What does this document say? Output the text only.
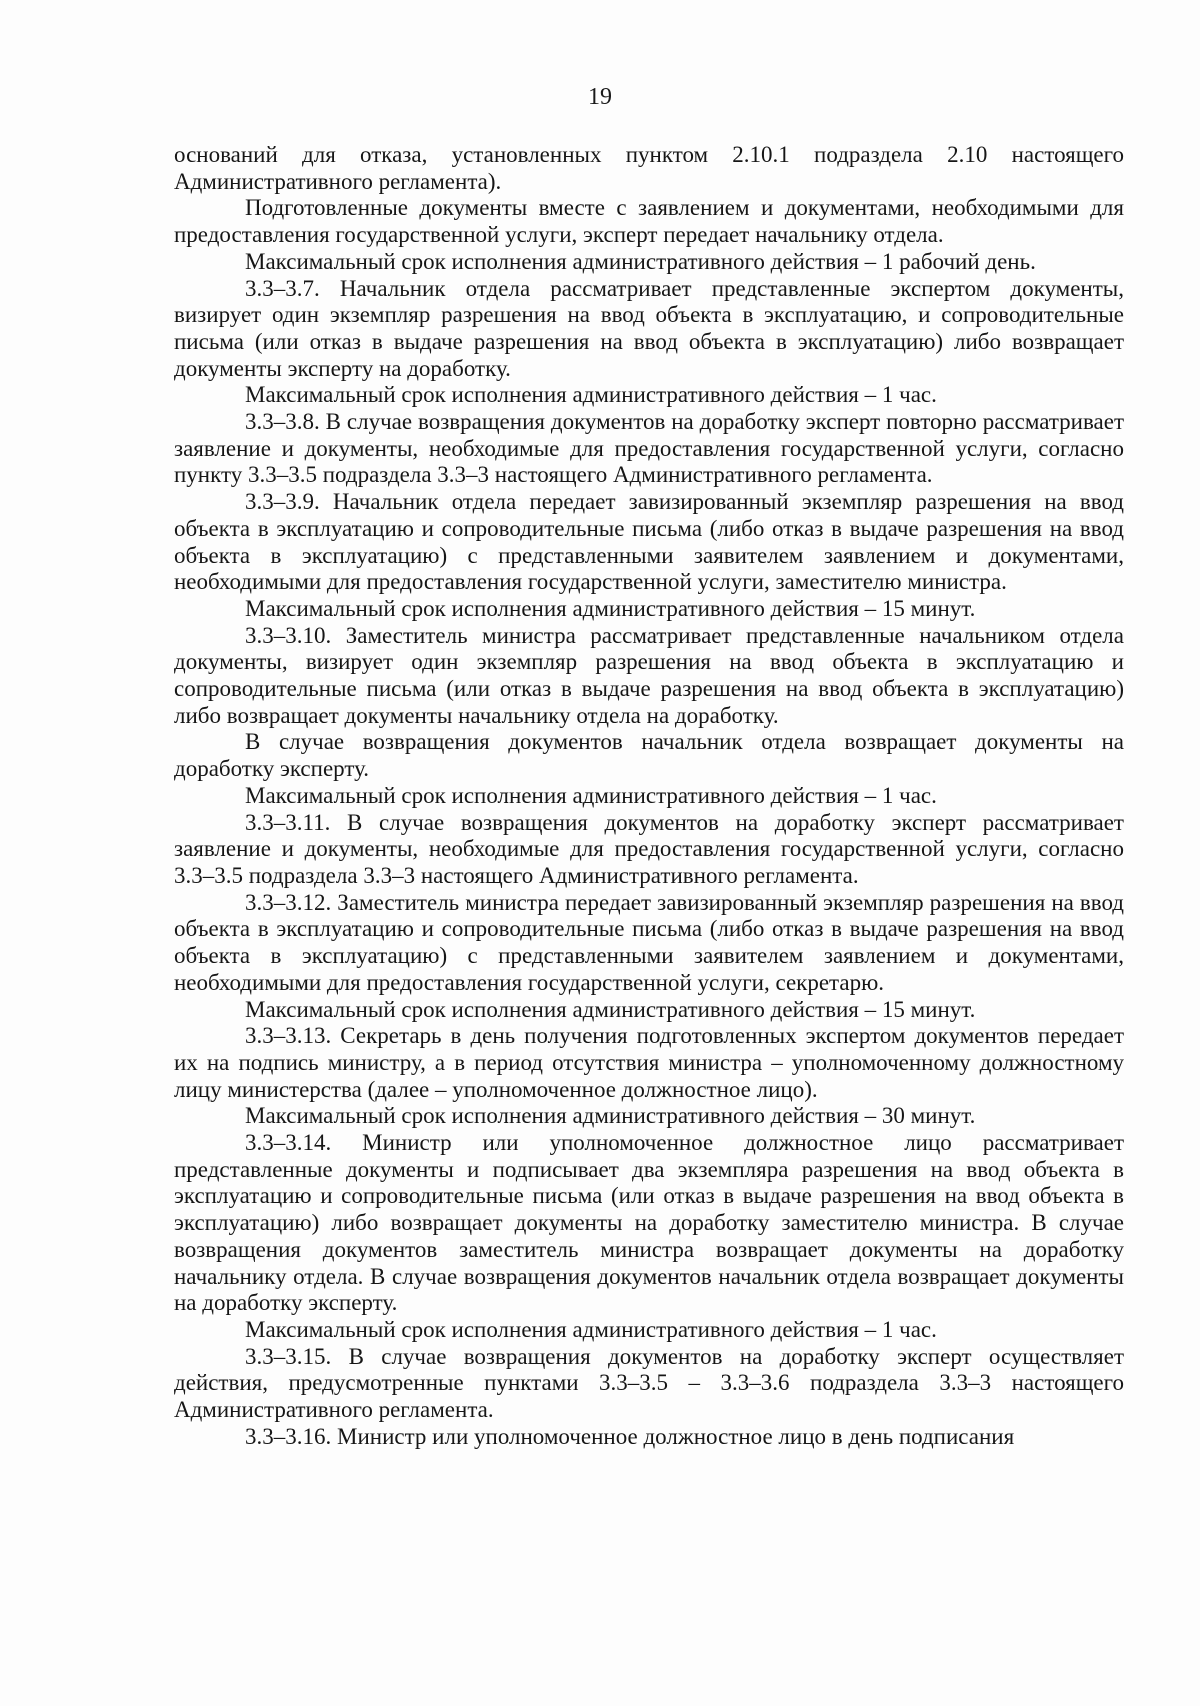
19

оснований для отказа, установленных пунктом 2.10.1 подраздела 2.10 настоящего Административного регламента).

Подготовленные документы вместе с заявлением и документами, необходимыми для предоставления государственной услуги, эксперт передает начальнику отдела.

Максимальный срок исполнения административного действия – 1 рабочий день.

3.3–3.7. Начальник отдела рассматривает представленные экспертом документы, визирует один экземпляр разрешения на ввод объекта в эксплуатацию, и сопроводительные письма (или отказ в выдаче разрешения на ввод объекта в эксплуатацию) либо возвращает документы эксперту на доработку.

Максимальный срок исполнения административного действия – 1 час.

3.3–3.8. В случае возвращения документов на доработку эксперт повторно рассматривает заявление и документы, необходимые для предоставления государственной услуги, согласно пункту 3.3–3.5 подраздела 3.3–3 настоящего Административного регламента.

3.3–3.9. Начальник отдела передает завизированный экземпляр разрешения на ввод объекта в эксплуатацию и сопроводительные письма (либо отказ в выдаче разрешения на ввод объекта в эксплуатацию) с представленными заявителем заявлением и документами, необходимыми для предоставления государственной услуги, заместителю министра.

Максимальный срок исполнения административного действия – 15 минут.

3.3–3.10. Заместитель министра рассматривает представленные начальником отдела документы, визирует один экземпляр разрешения на ввод объекта в эксплуатацию и сопроводительные письма (или отказ в выдаче разрешения на ввод объекта в эксплуатацию) либо возвращает документы начальнику отдела на доработку.

В случае возвращения документов начальник отдела возвращает документы на доработку эксперту.

Максимальный срок исполнения административного действия – 1 час.

3.3–3.11. В случае возвращения документов на доработку эксперт рассматривает заявление и документы, необходимые для предоставления государственной услуги, согласно 3.3–3.5 подраздела 3.3–3 настоящего Административного регламента.

3.3–3.12. Заместитель министра передает завизированный экземпляр разрешения на ввод объекта в эксплуатацию и сопроводительные письма (либо отказ в выдаче разрешения на ввод объекта в эксплуатацию) с представленными заявителем заявлением и документами, необходимыми для предоставления государственной услуги, секретарю.

Максимальный срок исполнения административного действия – 15 минут.

3.3–3.13. Секретарь в день получения подготовленных экспертом документов передает их на подпись министру, а в период отсутствия министра – уполномоченному должностному лицу министерства (далее – уполномоченное должностное лицо).

Максимальный срок исполнения административного действия – 30 минут.

3.3–3.14. Министр или уполномоченное должностное лицо рассматривает представленные документы и подписывает два экземпляра разрешения на ввод объекта в эксплуатацию и сопроводительные письма (или отказ в выдаче разрешения на ввод объекта в эксплуатацию) либо возвращает документы на доработку заместителю министра. В случае возвращения документов заместитель министра возвращает документы на доработку начальнику отдела. В случае возвращения документов начальник отдела возвращает документы на доработку эксперту.

Максимальный срок исполнения административного действия – 1 час.

3.3–3.15. В случае возвращения документов на доработку эксперт осуществляет действия, предусмотренные пунктами 3.3–3.5 – 3.3–3.6 подраздела 3.3–3 настоящего Административного регламента.

3.3–3.16. Министр или уполномоченное должностное лицо в день подписания
